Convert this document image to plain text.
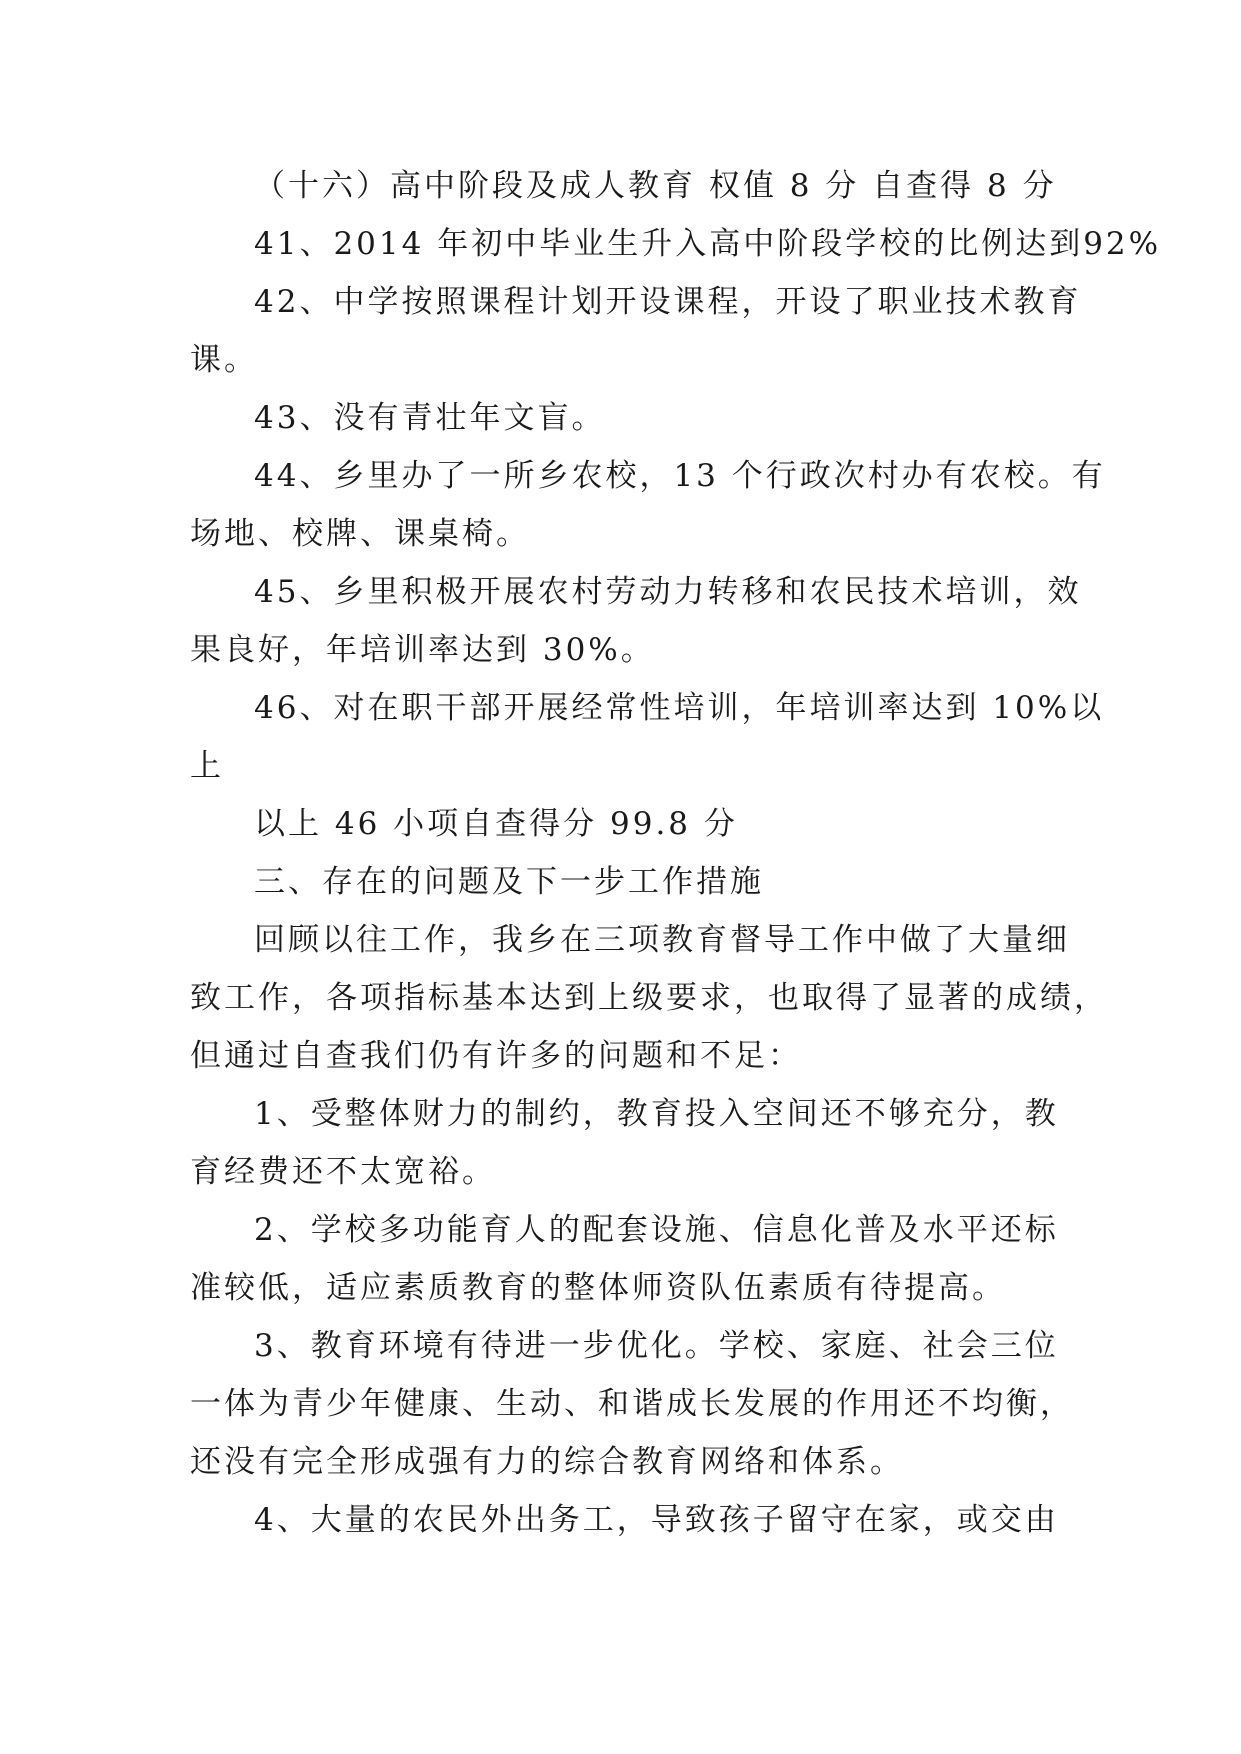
（十六）高中阶段及成人教育 权值 8 分 自查得 8 分

41、2014 年初中毕业生升入高中阶段学校的比例达到92%

42、中学按照课程计划开设课程，开设了职业技术教育
课。

43、没有青壮年文盲。

44、乡里办了一所乡农校，13 个行政次村办有农校。有
场地、校牌、课桌椅。

45、乡里积极开展农村劳动力转移和农民技术培训，效
果良好，年培训率达到 30%。

46、对在职干部开展经常性培训，年培训率达到 10%以
上

以上 46 小项自查得分 99.8 分

三、存在的问题及下一步工作措施

回顾以往工作，我乡在三项教育督导工作中做了大量细
致工作，各项指标基本达到上级要求，也取得了显著的成绩，
但通过自查我们仍有许多的问题和不足：

1、受整体财力的制约，教育投入空间还不够充分，教
育经费还不太宽裕。

2、学校多功能育人的配套设施、信息化普及水平还标
准较低，适应素质教育的整体师资队伍素质有待提高。

3、教育环境有待进一步优化。学校、家庭、社会三位
一体为青少年健康、生动、和谐成长发展的作用还不均衡，
还没有完全形成强有力的综合教育网络和体系。

4、大量的农民外出务工，导致孩子留守在家，或交由
